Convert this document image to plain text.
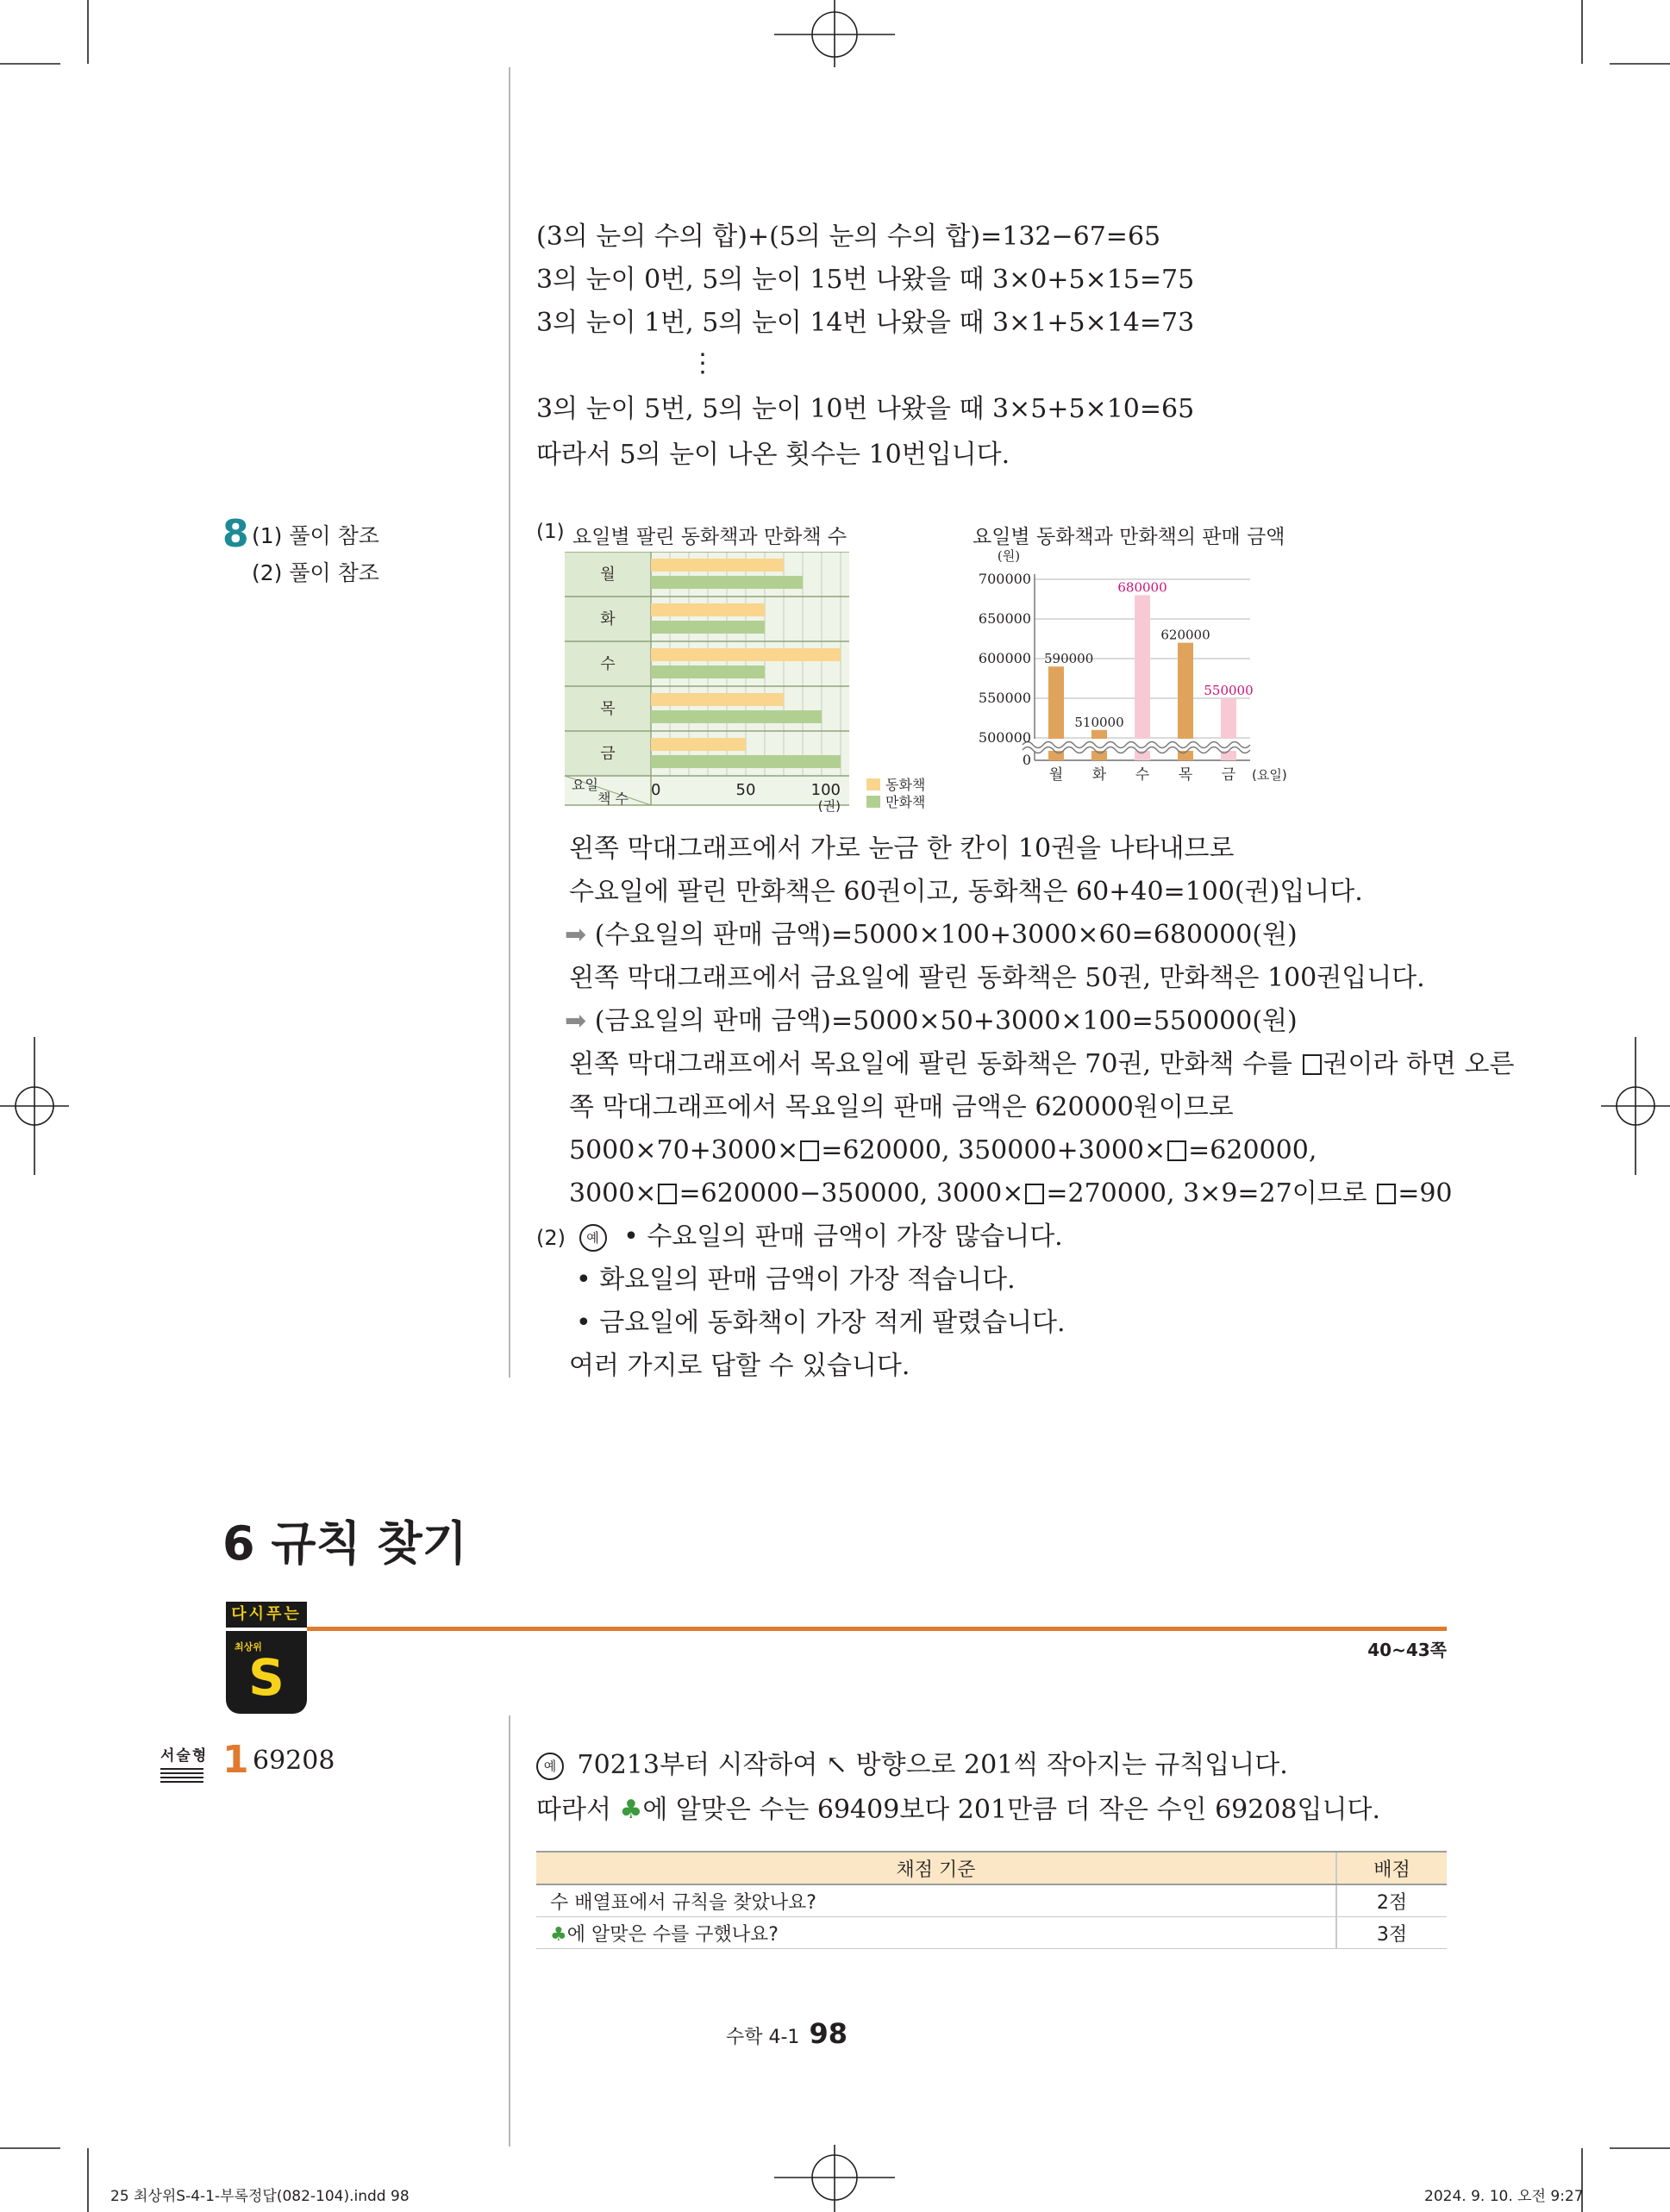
(3의 눈의 수의 합)+(5의 눈의 수의 합)=132−67=65
3의 눈이 0번, 5의 눈이 15번 나왔을 때 3×0+5×15=75
3의 눈이 1번, 5의 눈이 14번 나왔을 때 3×1+5×14=73
⋮
3의 눈이 5번, 5의 눈이 10번 나왔을 때 3×5+5×10=65
따라서 5의 눈이 나온 횟수는 10번입니다.
8 (1) 풀이 참조
(2) 풀이 참조
(1) 요일별 팔린 동화책과 만화책 수
월
화
수
목
금
0	50	100
(권)
요일
책 수
동화책
만화책
요일별 동화책과 만화책의 판매 금액
(원)
700000
650000
600000
550000
500000
0
590000
월
510000
화
680000
수
620000
목
550000
금 (요일)
왼쪽 막대그래프에서 가로 눈금 한 칸이 10권을 나타내므로
수요일에 팔린 만화책은 60권이고, 동화책은 60+40=100(권)입니다.
➡ (수요일의 판매 금액)=5000×100+3000×60=680000(원)
왼쪽 막대그래프에서 금요일에 팔린 동화책은 50권, 만화책은 100권입니다.
➡ (금요일의 판매 금액)=5000×50+3000×100=550000(원)
왼쪽 막대그래프에서 목요일에 팔린 동화책은 70권, 만화책 수를 권이라 하면 오른
쪽 막대그래프에서 목요일의 판매 금액은 620000원이므로
5000×70+3000× =620000, 350000+3000× =620000,
3000× =620000−350000, 3000× =270000, 3×9=27이므로 =90
(2) 예 • 수요일의 판매 금액이 가장 많습니다.
• 화요일의 판매 금액이 가장 적습니다.
• 금요일에 동화책이 가장 적게 팔렸습니다.
여러 가지로 답할 수 있습니다.
6 규칙 찾기
다시푸는
최상위
S	40~43쪽
서술형 1 69208	예 70213부터 시작하여 ↖ 방향으로 201씩 작아지는 규칙입니다.
따라서 ♣에 알맞은 수는 69409보다 201만큼 더 작은 수인 69208입니다.
채점 기준	배점
수 배열표에서 규칙을 찾았나요?	2점
♣에 알맞은 수를 구했나요?	3점
수학 4-1 98
25 최상위S-4-1-부록정답(082-104).indd 98	2024. 9. 10. 오전 9:27
